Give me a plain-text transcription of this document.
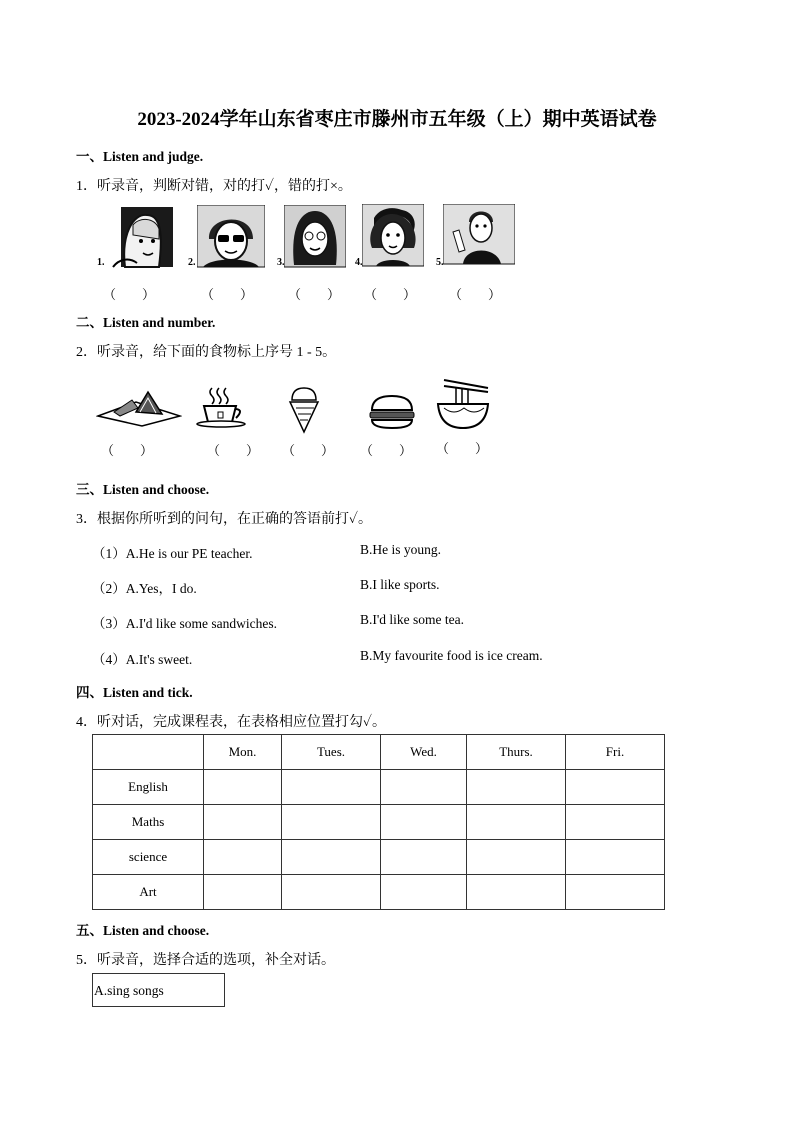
2023-2024学年山东省枣庄市滕州市五年级（上）期中英语试卷
一、Listen and judge.
1．听录音，判断对错，对的打✓，错的打×。
1.	2.	3.	4.	5.
（　　）	（　　）	（　　） （　　）	（　　）
二、Listen and number.
2．听录音，给下面的食物标上序号 1 - 5。
（　　）	（　　） （　　） （　　） （　　）
三、Listen and choose.
3．根据你所听到的问句，在正确的答语前打✓。
（1）A.He is our PE teacher.	B.He is young.
（2）A.Yes，I do.	B.I like sports.
（3）A.I'd like some sandwiches.	B.I'd like some tea.
（4）A.It's sweet.	B.My favourite food is ice cream.
四、Listen and tick.
4．听对话，完成课程表，在表格相应位置打勾✓。
	Mon.	Tues.	Wed.	Thurs.	Fri.
English					
Maths					
science					
Art					
五、Listen and choose.
5．听录音，选择合适的选项，补全对话。
A.sing songs
